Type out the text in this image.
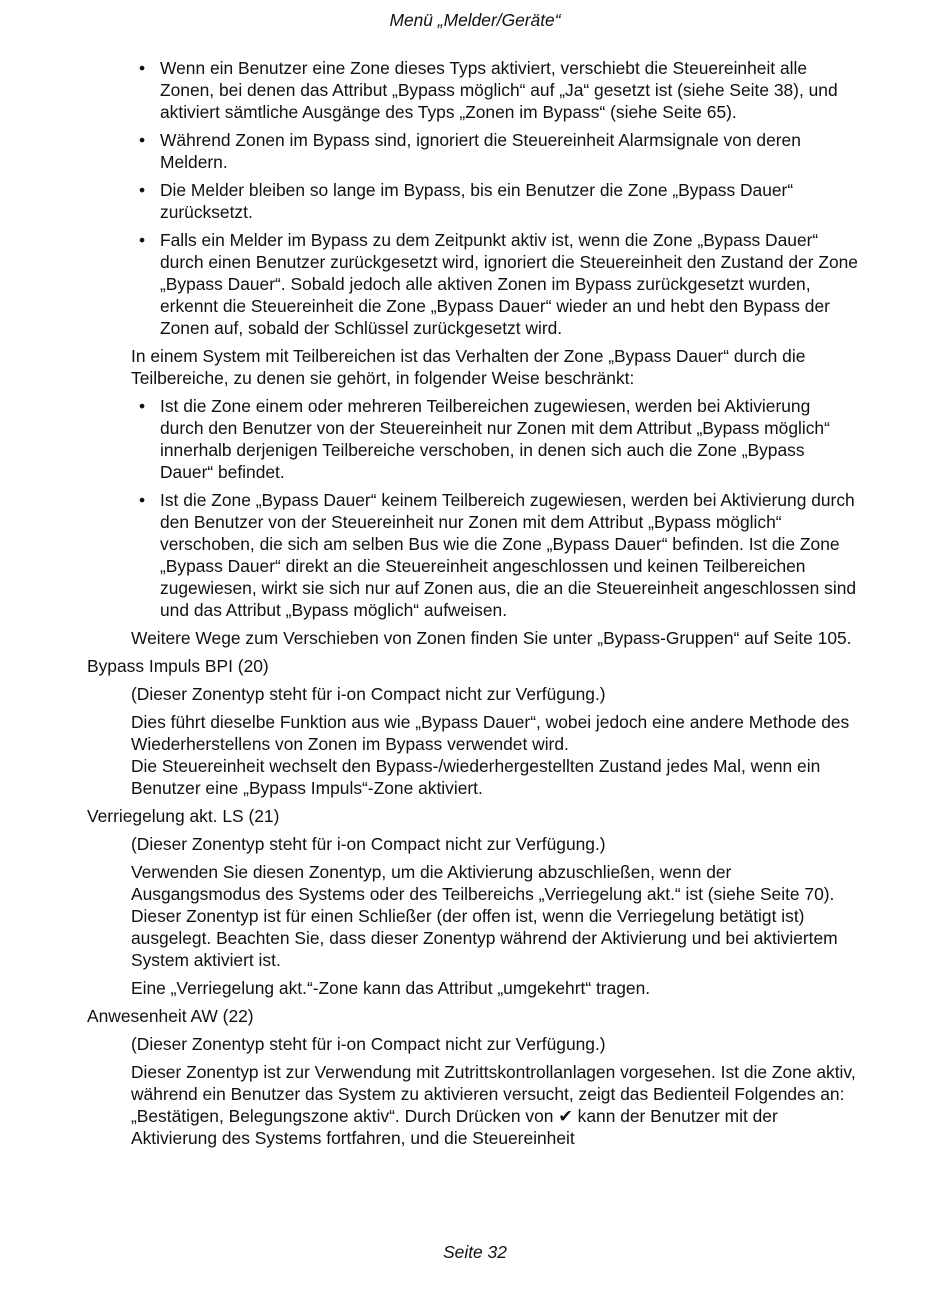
Menü „Melder/Geräte“
• Wenn ein Benutzer eine Zone dieses Typs aktiviert, verschiebt die Steuereinheit alle Zonen, bei denen das Attribut „Bypass möglich“ auf „Ja“ gesetzt ist (siehe Seite 38), und aktiviert sämtliche Ausgänge des Typs „Zonen im Bypass“ (siehe Seite 65).
• Während Zonen im Bypass sind, ignoriert die Steuereinheit Alarmsignale von deren Meldern.
• Die Melder bleiben so lange im Bypass, bis ein Benutzer die Zone „Bypass Dauer“ zurücksetzt.
• Falls ein Melder im Bypass zu dem Zeitpunkt aktiv ist, wenn die Zone „Bypass Dauer“ durch einen Benutzer zurückgesetzt wird, ignoriert die Steuereinheit den Zustand der Zone „Bypass Dauer“. Sobald jedoch alle aktiven Zonen im Bypass zurückgesetzt wurden, erkennt die Steuereinheit die Zone „Bypass Dauer“ wieder an und hebt den Bypass der Zonen auf, sobald der Schlüssel zurückgesetzt wird.

In einem System mit Teilbereichen ist das Verhalten der Zone „Bypass Dauer“ durch die Teilbereiche, zu denen sie gehört, in folgender Weise beschränkt:

• Ist die Zone einem oder mehreren Teilbereichen zugewiesen, werden bei Aktivierung durch den Benutzer von der Steuereinheit nur Zonen mit dem Attribut „Bypass möglich“ innerhalb derjenigen Teilbereiche verschoben, in denen sich auch die Zone „Bypass Dauer“ befindet.
• Ist die Zone „Bypass Dauer“ keinem Teilbereich zugewiesen, werden bei Aktivierung durch den Benutzer von der Steuereinheit nur Zonen mit dem Attribut „Bypass möglich“ verschoben, die sich am selben Bus wie die Zone „Bypass Dauer“ befinden. Ist die Zone „Bypass Dauer“ direkt an die Steuereinheit angeschlossen und keinen Teilbereichen zugewiesen, wirkt sie sich nur auf Zonen aus, die an die Steuereinheit angeschlossen sind und das Attribut „Bypass möglich“ aufweisen.

Weitere Wege zum Verschieben von Zonen finden Sie unter „Bypass-Gruppen“ auf Seite 105.

Bypass Impuls BPI (20)

(Dieser Zonentyp steht für i-on Compact nicht zur Verfügung.)

Dies führt dieselbe Funktion aus wie „Bypass Dauer“, wobei jedoch eine andere Methode des Wiederherstellens von Zonen im Bypass verwendet wird.

Die Steuereinheit wechselt den Bypass-/wiederhergestellten Zustand jedes Mal, wenn ein Benutzer eine „Bypass Impuls“-Zone aktiviert.

Verriegelung akt. LS (21)

(Dieser Zonentyp steht für i-on Compact nicht zur Verfügung.)

Verwenden Sie diesen Zonentyp, um die Aktivierung abzuschließen, wenn der Ausgangsmodus des Systems oder des Teilbereichs „Verriegelung akt.“ ist (siehe Seite 70). Dieser Zonentyp ist für einen Schließer (der offen ist, wenn die Verriegelung betätigt ist) ausgelegt. Beachten Sie, dass dieser Zonentyp während der Aktivierung und bei aktiviertem System aktiviert ist.

Eine „Verriegelung akt.“-Zone kann das Attribut „umgekehrt“ tragen.

Anwesenheit AW (22)

(Dieser Zonentyp steht für i-on Compact nicht zur Verfügung.)

Dieser Zonentyp ist zur Verwendung mit Zutrittskontrollanlagen vorgesehen. Ist die Zone aktiv, während ein Benutzer das System zu aktivieren versucht, zeigt das Bedienteil Folgendes an: „Bestätigen, Belegungszone aktiv“. Durch Drücken von ✔ kann der Benutzer mit der Aktivierung des Systems fortfahren, und die Steuereinheit

Seite 32
